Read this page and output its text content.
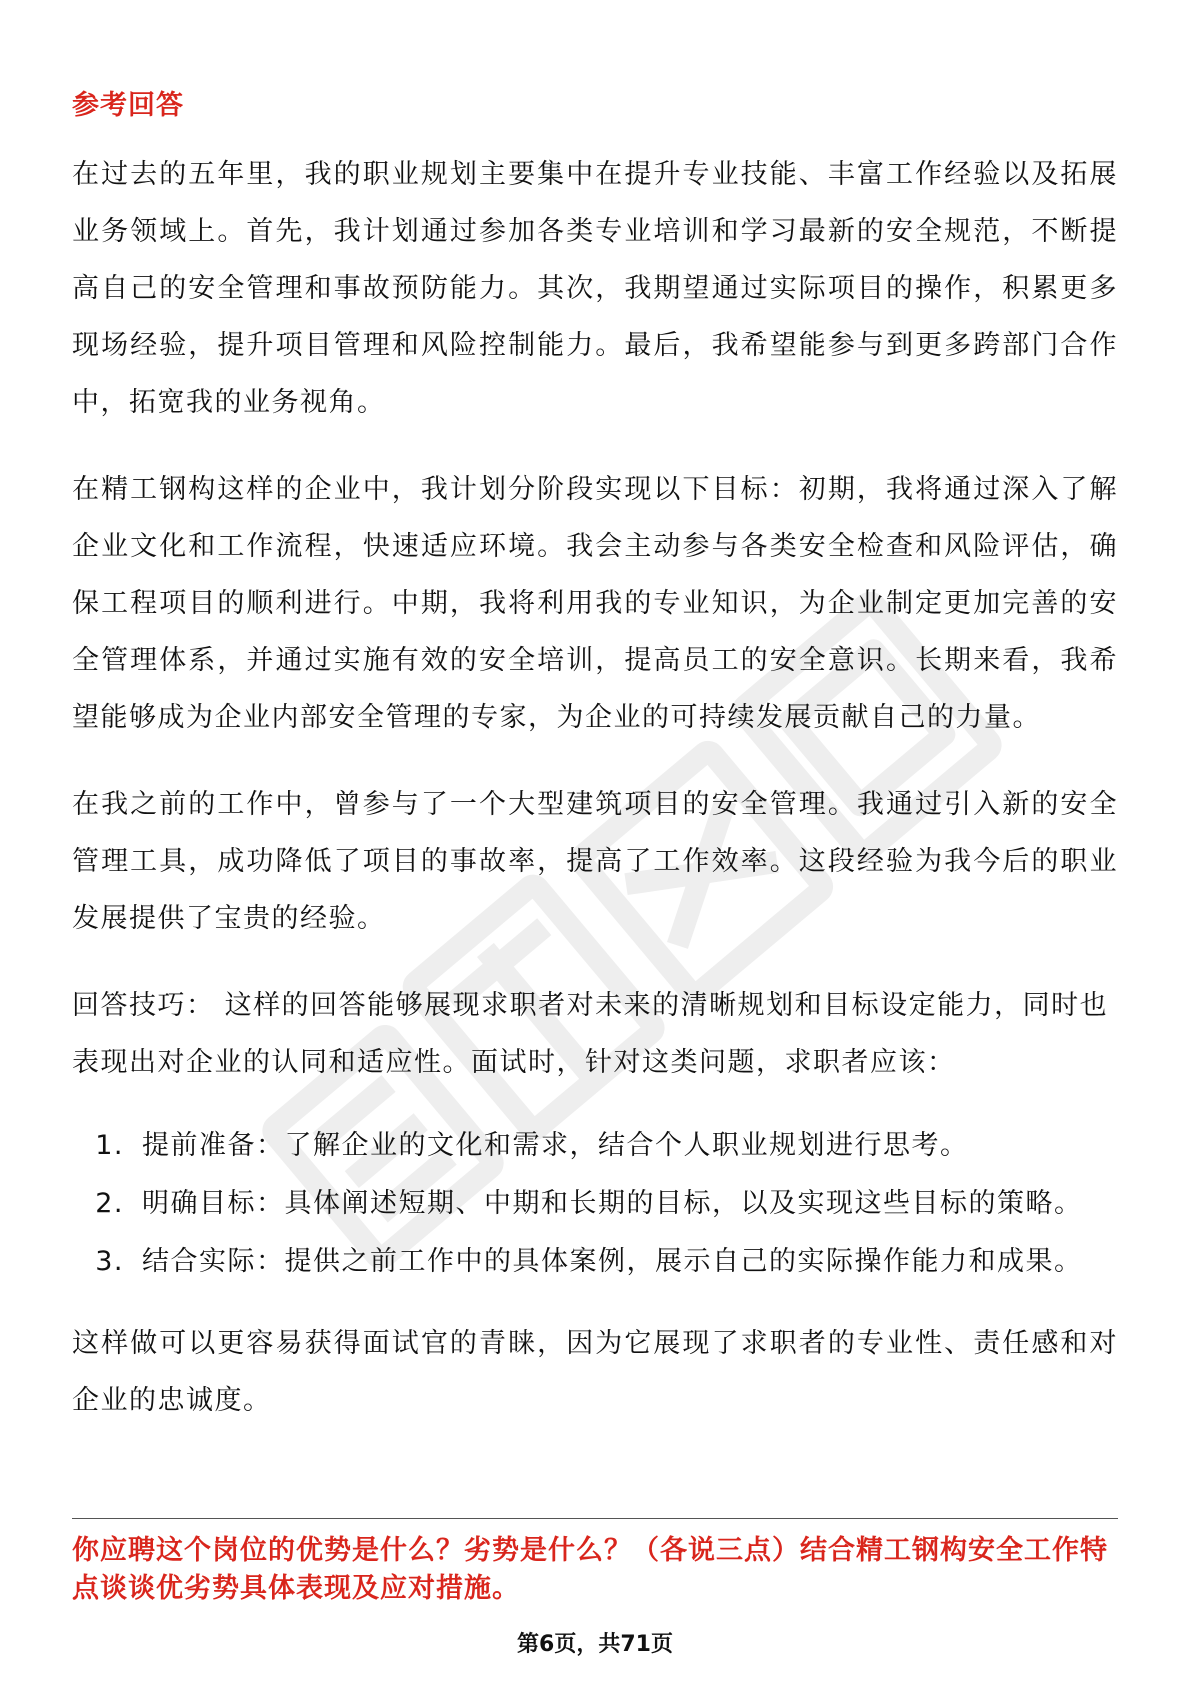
参考回答

在过去的五年里，我的职业规划主要集中在提升专业技能、丰富工作经验以及拓展业务领域上。首先，我计划通过参加各类专业培训和学习最新的安全规范，不断提高自己的安全管理和事故预防能力。其次，我期望通过实际项目的操作，积累更多现场经验，提升项目管理和风险控制能力。最后，我希望能参与到更多跨部门合作中，拓宽我的业务视角。

在精工钢构这样的企业中，我计划分阶段实现以下目标：初期，我将通过深入了解企业文化和工作流程，快速适应环境。我会主动参与各类安全检查和风险评估，确保工程项目的顺利进行。中期，我将利用我的专业知识，为企业制定更加完善的安全管理体系，并通过实施有效的安全培训，提高员工的安全意识。长期来看，我希望能够成为企业内部安全管理的专家，为企业的可持续发展贡献自己的力量。

在我之前的工作中，曾参与了一个大型建筑项目的安全管理。我通过引入新的安全管理工具，成功降低了项目的事故率，提高了工作效率。这段经验为我今后的职业发展提供了宝贵的经验。

回答技巧： 这样的回答能够展现求职者对未来的清晰规划和目标设定能力，同时也表现出对企业的认同和适应性。面试时，针对这类问题，求职者应该：

1. 提前准备：了解企业的文化和需求，结合个人职业规划进行思考。
2. 明确目标：具体阐述短期、中期和长期的目标，以及实现这些目标的策略。
3. 结合实际：提供之前工作中的具体案例，展示自己的实际操作能力和成果。

这样做可以更容易获得面试官的青睐，因为它展现了求职者的专业性、责任感和对企业的忠诚度。

你应聘这个岗位的优势是什么？劣势是什么？（各说三点）结合精工钢构安全工作特点谈谈优劣势具体表现及应对措施。
第6页，共71页
